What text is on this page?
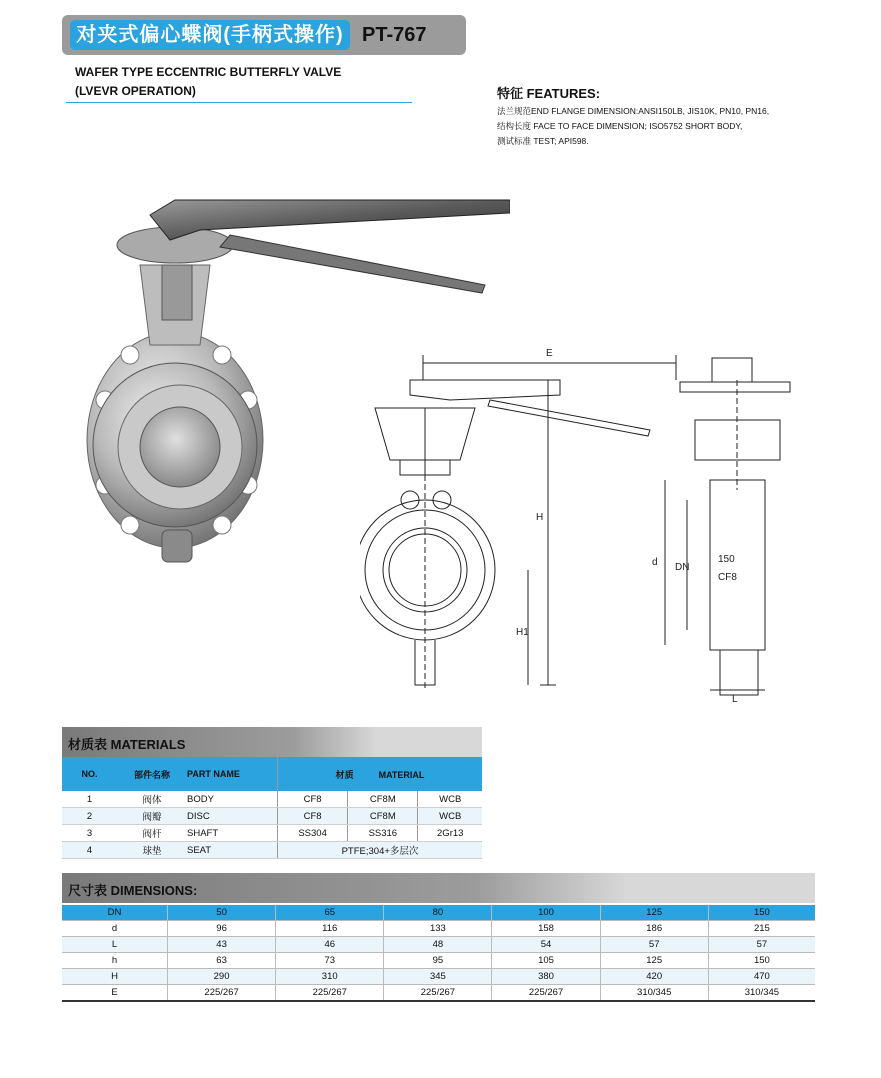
对夹式偏心蝶阀(手柄式操作) PT-767
WAFER TYPE ECCENTRIC BUTTERFLY VALVE
(LVEVR OPERATION)	特征 FEATURES:
法兰规范END FLANGE DIMENSION:ANSI150LB, JIS10K, PN10, PN16,
结构长度 FACE TO FACE DIMENSION; ISO5752 SHORT BODY,
测试标准 TEST; API598.
E
H
H1
d DN
150
CF8
L
材质表 MATERIALS
NO.	部件名称	PART NAME	材质 MATERIAL		
1	阀体	BODY	CF8	CF8M	WCB
2	阀瓣	DISC	CF8	CF8M	WCB
3	阀杆	SHAFT	SS304	SS316	2Gr13
4	球垫	SEAT	PTFE;304+多层次		
尺寸表 DIMENSIONS:
DN	50	65	80	100	125	150
d	96	116	133	158	186	215
L	43	46	48	54	57	57
h	63	73	95	105	125	150
H	290	310	345	380	420	470
E	225/267	225/267	225/267	225/267	310/345	310/345
